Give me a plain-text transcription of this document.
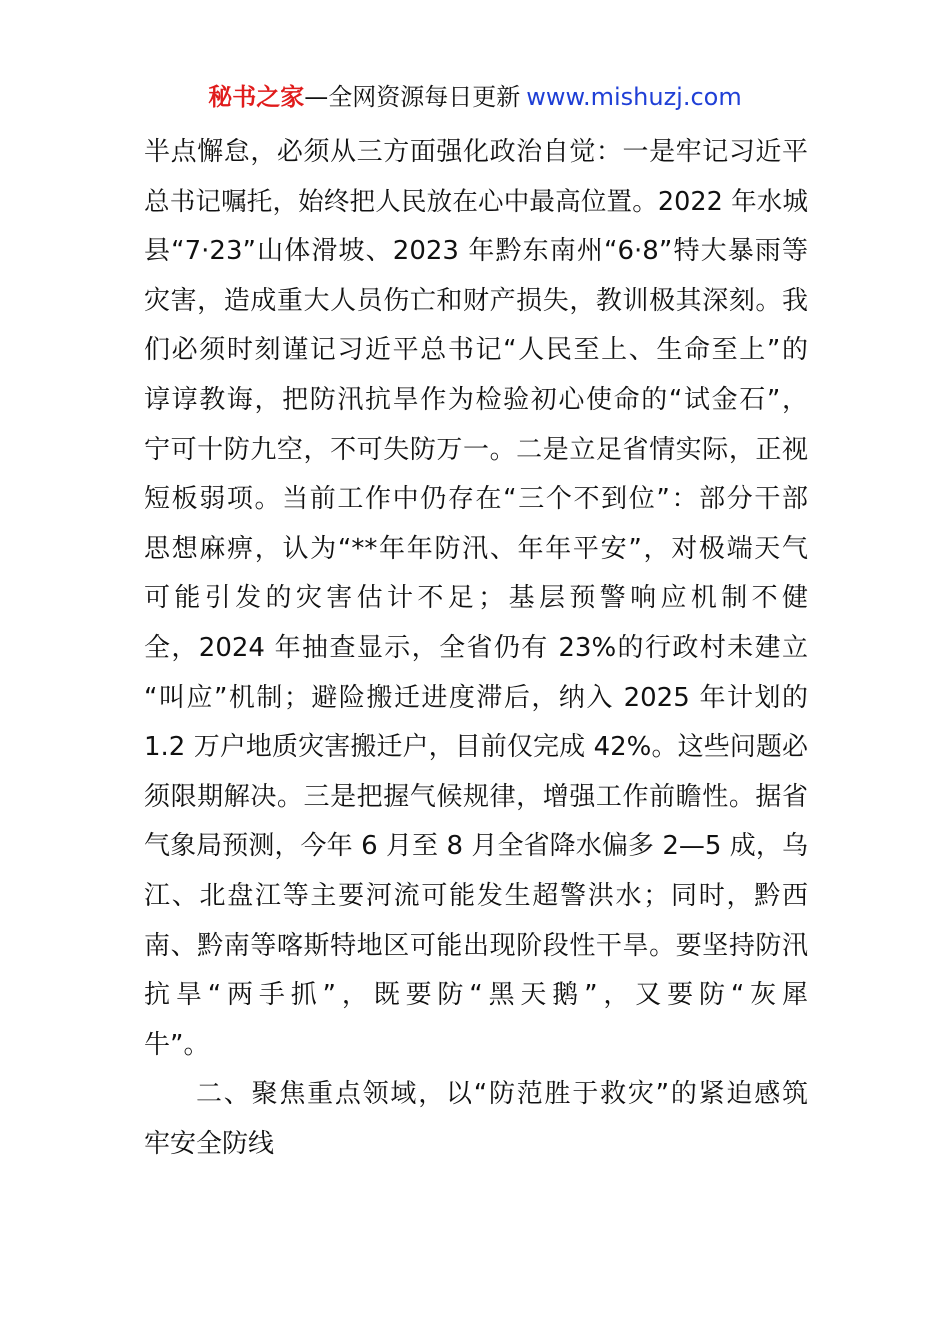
秘书之家—全网资源每日更新 www.mishuzj.com
半点懈怠，必须从三方面强化政治自觉：一是牢记习近平
总书记嘱托，始终把人民放在心中最高位置。2022 年水城
县“7·23”山体滑坡、2023 年黔东南州“6·8”特大暴雨等
灾害，造成重大人员伤亡和财产损失，教训极其深刻。我
们必须时刻谨记习近平总书记“人民至上、生命至上”的
谆谆教诲，把防汛抗旱作为检验初心使命的“试金石”，
宁可十防九空，不可失防万一。二是立足省情实际，正视
短板弱项。当前工作中仍存在“三个不到位”：部分干部
思想麻痹，认为“**年年防汛、年年平安”，对极端天气
可能引发的灾害估计不足；基层预警响应机制不健
全，2024 年抽查显示，全省仍有 23%的行政村未建立
“叫应”机制；避险搬迁进度滞后，纳入 2025 年计划的
1.2 万户地质灾害搬迁户，目前仅完成 42%。这些问题必
须限期解决。三是把握气候规律，增强工作前瞻性。据省
气象局预测，今年 6 月至 8 月全省降水偏多 2—5 成，乌
江、北盘江等主要河流可能发生超警洪水；同时，黔西
南、黔南等喀斯特地区可能出现阶段性干旱。要坚持防汛
抗旱“两手抓”，既要防“黑天鹅”，又要防“灰犀
牛”。
二、聚焦重点领域，以“防范胜于救灾”的紧迫感筑
牢安全防线
